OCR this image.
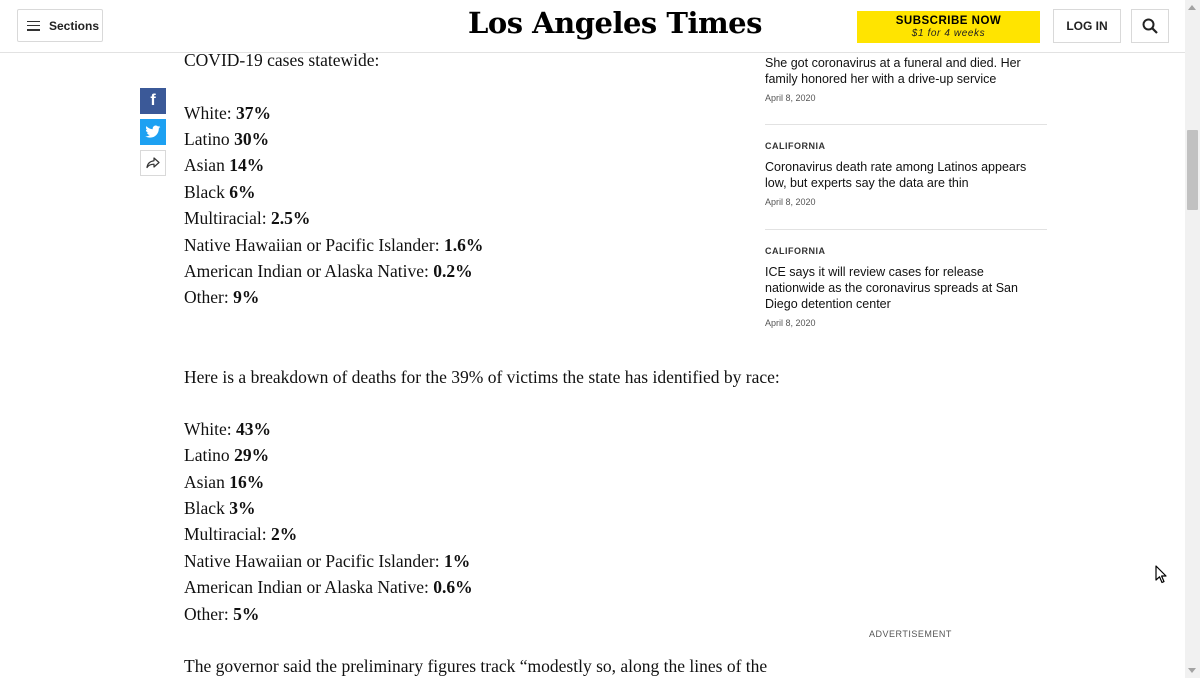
Sections	Los Angeles Times	SUBSCRIBE NOW
$1 for 4 weeks
LOG IN
f

COVID-19 cases statewide:

White: 37%

Latino 30%

Asian 14%

Black 6%

Multiracial: 2.5%

Native Hawaiian or Pacific Islander: 1.6%

American Indian or Alaska Native: 0.2%

Other: 9%

Here is a breakdown of deaths for the 39% of victims the state has identified by race:

White: 43%

Latino 29%

Asian 16%

Black 3%

Multiracial: 2%

Native Hawaiian or Pacific Islander: 1%

American Indian or Alaska Native: 0.6%

Other: 5%

The governor said the preliminary figures track “modestly so, along the lines of the

She got coronavirus at a funeral and died. Her family honored her with a drive-up service
April 8, 2020
CALIFORNIA
Coronavirus death rate among Latinos appears low, but experts say the data are thin
April 8, 2020
CALIFORNIA
ICE says it will review cases for release nationwide as the coronavirus spreads at San Diego detention center
April 8, 2020
ADVERTISEMENT
